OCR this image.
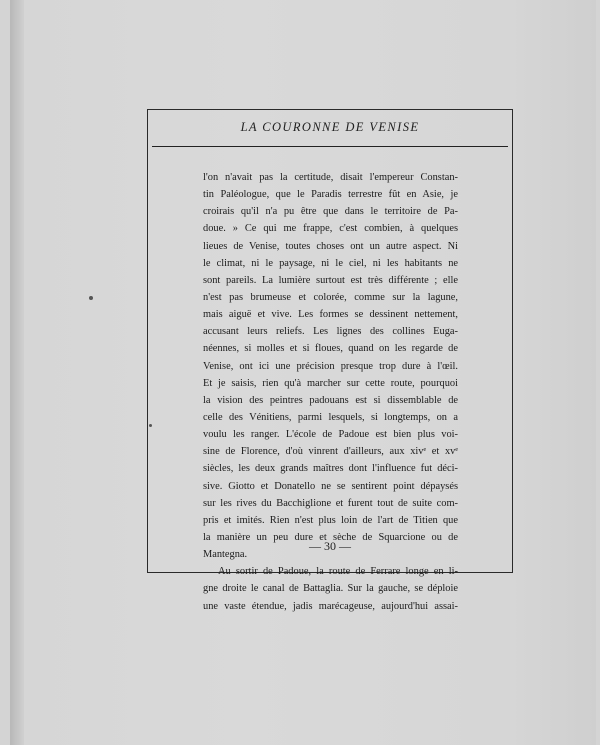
LA COURONNE DE VENISE
l'on n'avait pas la certitude, disait l'empereur Constan-
tin Paléologue, que le Paradis terrestre fût en Asie, je
croirais qu'il n'a pu être que dans le territoire de Pa-
doue. » Ce qui me frappe, c'est combien, à quelques
lieues de Venise, toutes choses ont un autre aspect. Ni
le climat, ni le paysage, ni le ciel, ni les habitants ne
sont pareils. La lumière surtout est très différente ; elle
n'est pas brumeuse et colorée, comme sur la lagune,
mais aiguë et vive. Les formes se dessinent nettement,
accusant leurs reliefs. Les lignes des collines Euga-
néennes, si molles et si floues, quand on les regarde de
Venise, ont ici une précision presque trop dure à l'œil.
Et je saisis, rien qu'à marcher sur cette route, pourquoi
la vision des peintres padouans est si dissemblable de
celle des Vénitiens, parmi lesquels, si longtemps, on a
voulu les ranger. L'école de Padoue est bien plus voi-
sine de Florence, d'où vinrent d'ailleurs, aux xivᵉ et xvᵉ
siècles, les deux grands maîtres dont l'influence fut déci-
sive. Giotto et Donatello ne se sentirent point dépaysés
sur les rives du Bacchiglione et furent tout de suite com-
pris et imités. Rien n'est plus loin de l'art de Titien que
la manière un peu dure et sèche de Squarcione ou de
Mantegna.
Au sortir de Padoue, la route de Ferrare longe en li-
gne droite le canal de Battaglia. Sur la gauche, se déploie
une vaste étendue, jadis marécageuse, aujourd'hui assai-
— 30 —
